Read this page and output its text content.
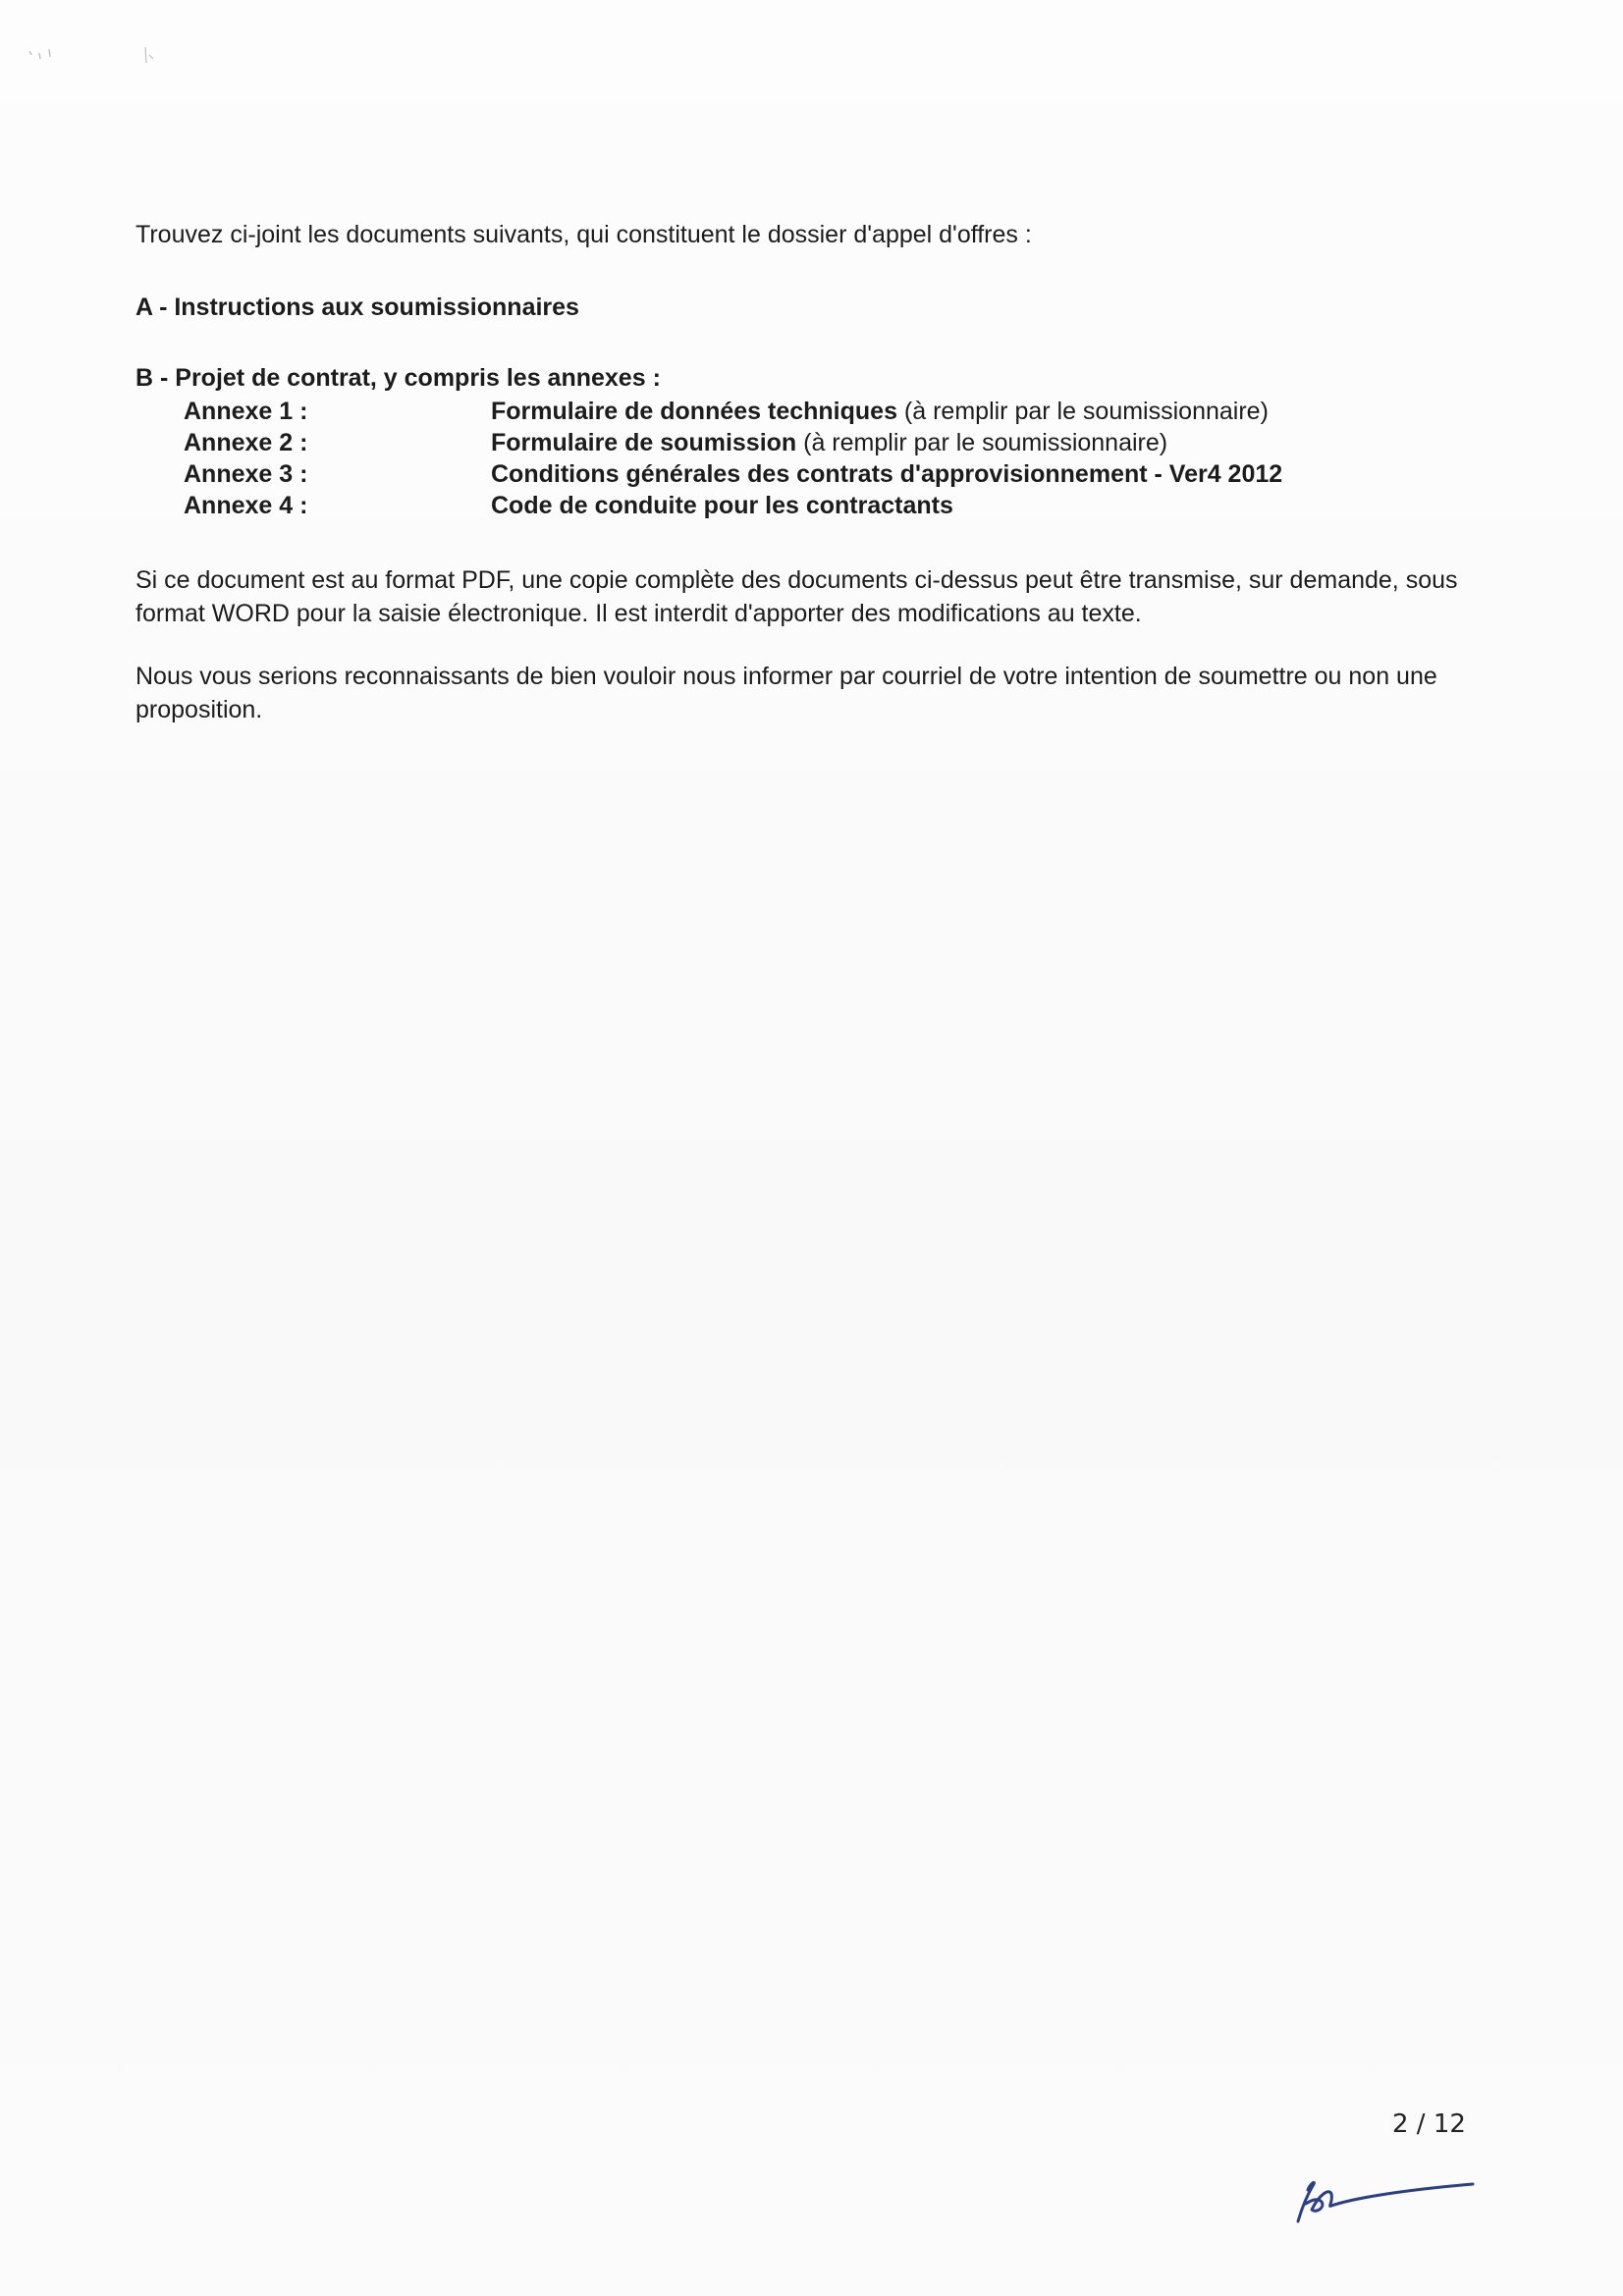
Trouvez ci-joint les documents suivants, qui constituent le dossier d'appel d'offres :

A - Instructions aux soumissionnaires

B - Projet de contrat, y compris les annexes :

Annexe 1 :	Formulaire de données techniques (à remplir par le soumissionnaire)
Annexe 2 :	Formulaire de soumission (à remplir par le soumissionnaire)
Annexe 3 :	Conditions générales des contrats d'approvisionnement - Ver4 2012
Annexe 4 :	Code de conduite pour les contractants

Si ce document est au format PDF, une copie complète des documents ci-dessus peut être transmise, sur demande, sous format WORD pour la saisie électronique. Il est interdit d'apporter des modifications au texte.

Nous vous serions reconnaissants de bien vouloir nous informer par courriel de votre intention de soumettre ou non une proposition.

2 / 12
